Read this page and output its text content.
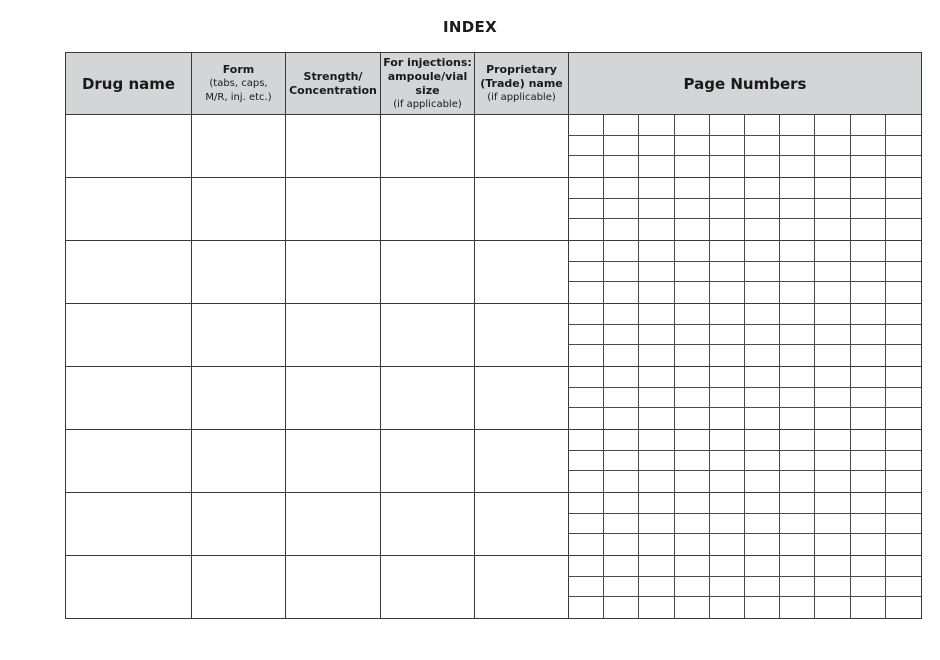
INDEX
Drug name
Form
(tabs, caps,
M/R, inj. etc.)
Strength/
Concentration
For injections:
ampoule/vial
size
(if applicable)
Proprietary
(Trade) name
(if applicable)
Page Numbers
